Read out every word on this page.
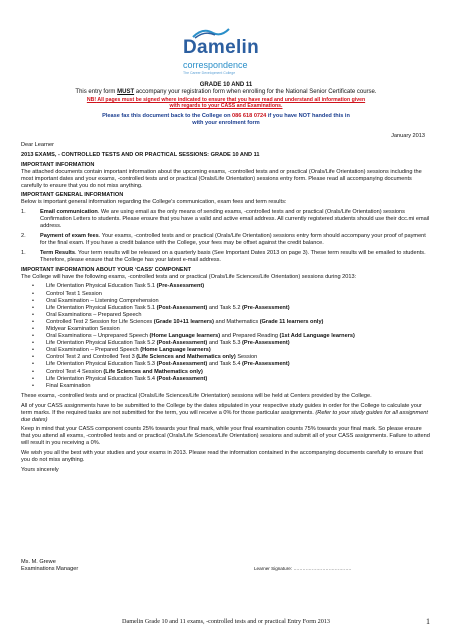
Damelin
correspondence
The Career Development College
GRADE 10 AND 11
This entry form MUST accompany your registration form when enrolling for the National Senior Certificate course.
NB! All pages must be signed where indicated to ensure that you have read and understand all information given with regards to your CASS and Examinations.
Please fax this document back to the College on 086 618 0724 if you have NOT handed this in with your enrolment form
January 2013

Dear Learner

2013 EXAMS, - CONTROLLED TESTS AND OR PRACTICAL SESSIONS: GRADE 10 AND 11

IMPORTANT INFORMATION

The attached documents contain important information about the upcoming exams, -controlled tests and or practical (Orals/Life Orientation) sessions including the most important dates and your exams, -controlled tests and or practical (Orals/Life Orientation) sessions entry form. Please read all accompanying documents carefully to ensure that you do not miss anything.

IMPORTANT GENERAL INFORMATION

Below is important general information regarding the College’s communication, exam fees and term results:

1.	Email communication. We are using email as the only means of sending exams, -controlled tests and or practical (Orals/Life Orientation) sessions Confirmation Letters to students. Please ensure that you have a valid and active email address. All currently registered students should use their dcc.mi email address.
2.	Payment of exam fees. Your exams, -controlled tests and or practical (Orals/Life Orientation) sessions entry form should accompany your proof of payment for the final exam. If you have a credit balance with the College, your fees may be offset against the credit balance.
1.	Term Results. Your term results will be released on a quarterly basis (See Important Dates 2013 on page 3). These term results will be emailed to students. Therefore, please ensure that the College has your latest e-mail address.

IMPORTANT INFORMATION ABOUT YOUR ‘CASS’ COMPONENT

The College will have the following exams, -controlled tests and or practical (Orals/Life Sciences/Life Orientation) sessions during 2013:

• Life Orientation Physical Education Task 5.1 (Pre-Assessment)
• Control Test 1 Session
• Oral Examination – Listening Comprehension
• Life Orientation Physical Education Task 5.1 (Post-Assessment) and Task 5.2 (Pre-Assessment)
• Oral Examinations – Prepared Speech
• Controlled Test 2 Session for Life Sciences (Grade 10+11 learners) and Mathematics (Grade 11 learners only)
• Midyear Examination Session
• Oral Examinations – Unprepared Speech (Home Language learners) and Prepared Reading (1st Add Language learners)
• Life Orientation Physical Education Task 5.2 (Post-Assessment) and Task 5.3 (Pre-Assessment)
• Oral Examination – Prepared Speech (Home Language learners)
• Control Test 2 and Controlled Test 3 (Life Sciences and Mathematics only) Session
• Life Orientation Physical Education Task 5.3 (Post-Assessment) and Task 5.4 (Pre-Assessment)
• Control Test 4 Session (Life Sciences and Mathematics only)
• Life Orientation Physical Education Task 5.4 (Post-Assessment)
• Final Examination

These exams, -controlled tests and or practical (Orals/Life Sciences/Life Orientation) sessions will be held at Centers provided by the College.

All of your CASS assignments have to be submitted to the College by the dates stipulated in your respective study guides in order for the College to calculate your term marks. If the required tasks are not submitted for the term, you will receive a 0% for those particular assignments. (Refer to your study guides for all assignment due dates)

Keep in mind that your CASS component counts 25% towards your final mark, while your final examination counts 75% towards your final mark. So please ensure that you attend all exams, -controlled tests and or practical (Orals/Life Sciences/Life Orientation) sessions and submit all of your CASS assignments. Failure to attend will result in you receiving a 0%.

We wish you all the best with your studies and your exams in 2013. Please read the information contained in the accompanying documents carefully to ensure that you do not miss anything.

Yours sincerely

Ms. M. Grewe
Examinations Manager	Learner Signature: ………………………………..
Damelin Grade 10 and 11 exams, -controlled tests and or practical Entry Form 2013	1
